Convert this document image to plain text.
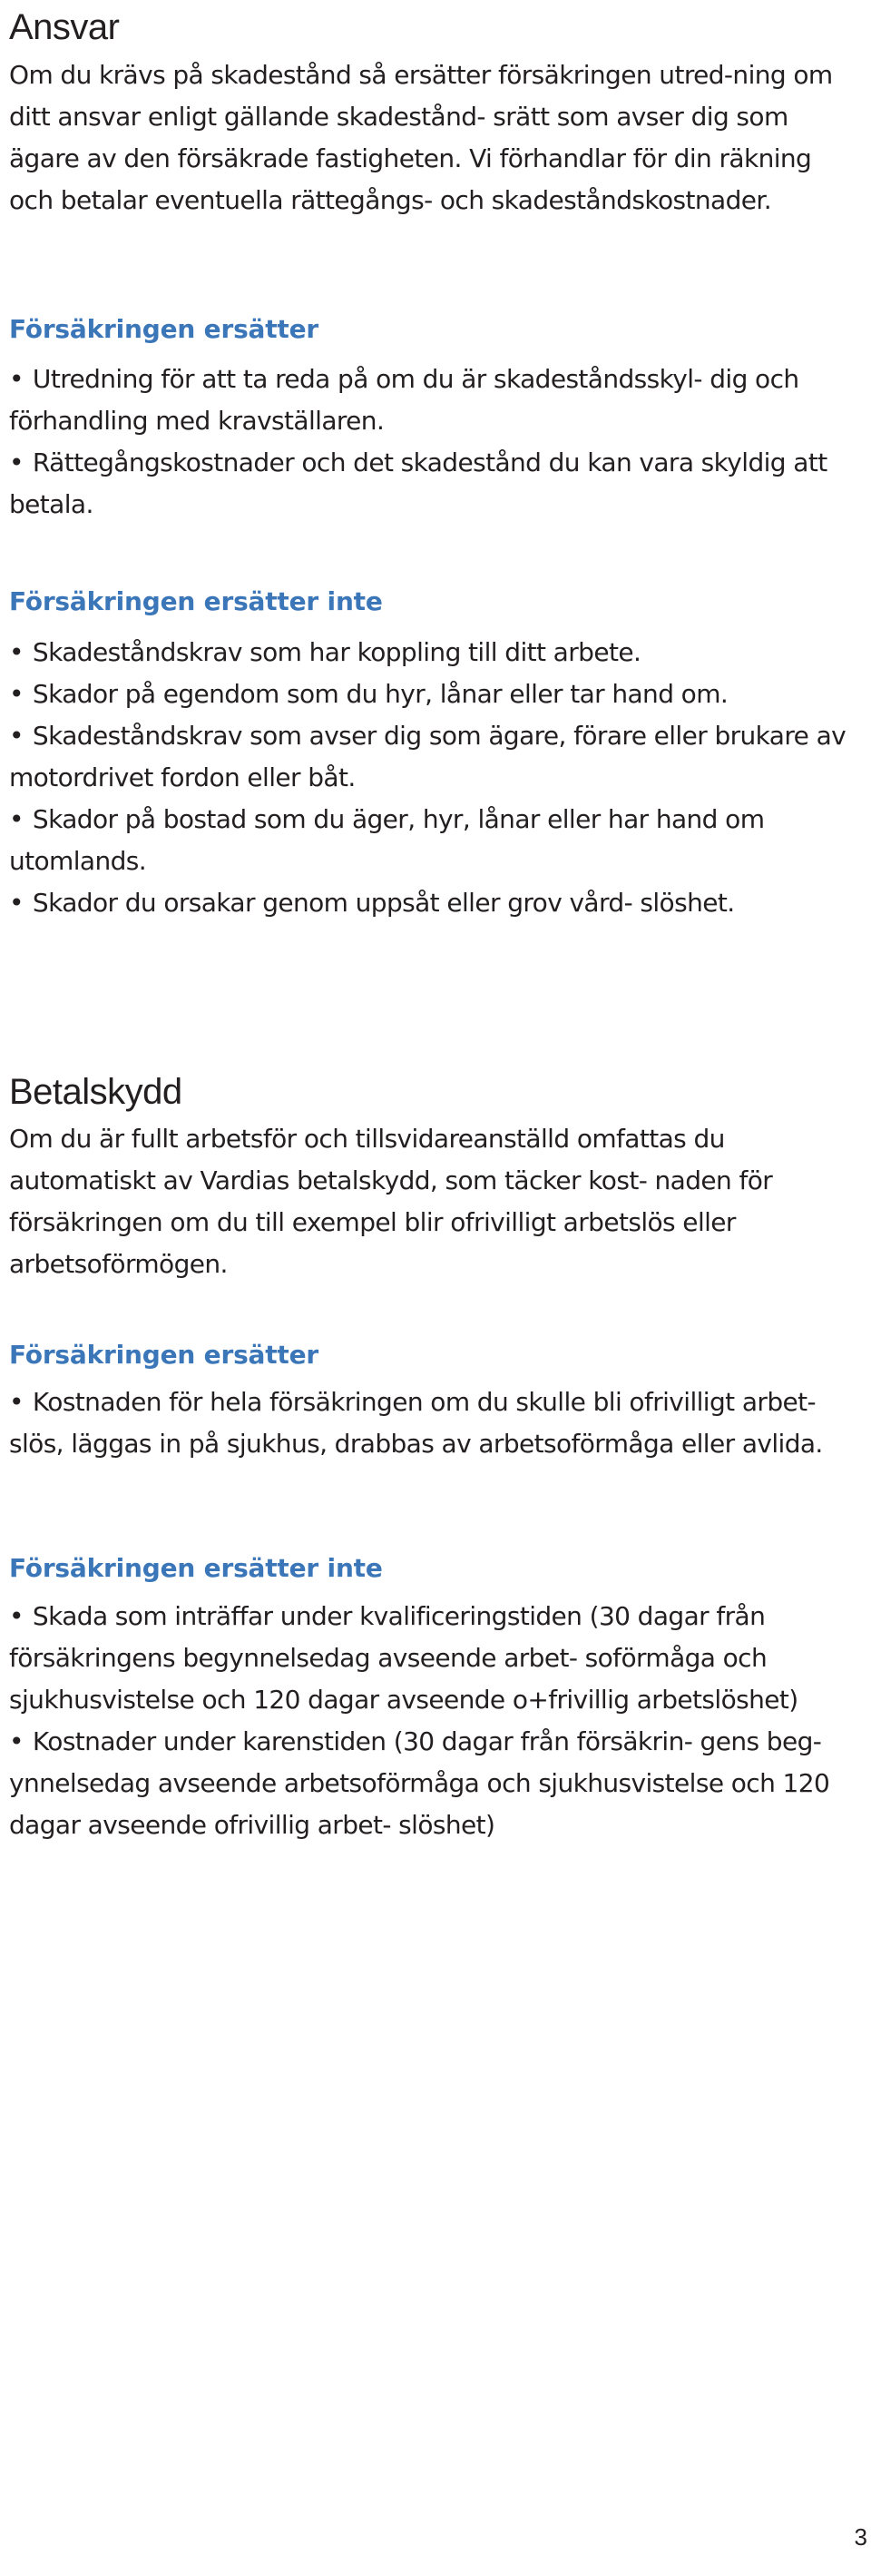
Ansvar

Om du krävs på skadestånd så ersätter försäkringen utred-ning om ditt ansvar enligt gällande skadestånd- srätt som avser dig som ägare av den försäkrade fastigheten. Vi förhandlar för din räkning och betalar eventuella rättegångs- och skadeståndskostnader.

Försäkringen ersätter

• Utredning för att ta reda på om du är skadeståndsskyl- dig och förhandling med kravställaren.
• Rättegångskostnader och det skadestånd du kan vara skyldig att betala.

Försäkringen ersätter inte

• Skadeståndskrav som har koppling till ditt arbete.
• Skador på egendom som du hyr, lånar eller tar hand om.
• Skadeståndskrav som avser dig som ägare, förare eller brukare av motordrivet fordon eller båt.
• Skador på bostad som du äger, hyr, lånar eller har hand om utomlands.
• Skador du orsakar genom uppsåt eller grov vård- slöshet.
Betalskydd

Om du är fullt arbetsför och tillsvidareanställd omfattas du automatiskt av Vardias betalskydd, som täcker kost- naden för försäkringen om du till exempel blir ofrivilligt arbetslös eller arbetsoförmögen.

Försäkringen ersätter

• Kostnaden för hela försäkringen om du skulle bli ofrivilligt arbet- slös, läggas in på sjukhus, drabbas av arbetsoförmåga eller avlida.

Försäkringen ersätter inte

• Skada som inträffar under kvalificeringstiden (30 dagar från försäkringens begynnelsedag avseende arbet- soförmåga och sjukhusvistelse och 120 dagar avseende o+frivillig arbetslöshet)
• Kostnader under karenstiden (30 dagar från försäkrin- gens beg- ynnelsedag avseende arbetsoförmåga och sjukhusvistelse och 120 dagar avseende ofrivillig arbet- slöshet)
3
